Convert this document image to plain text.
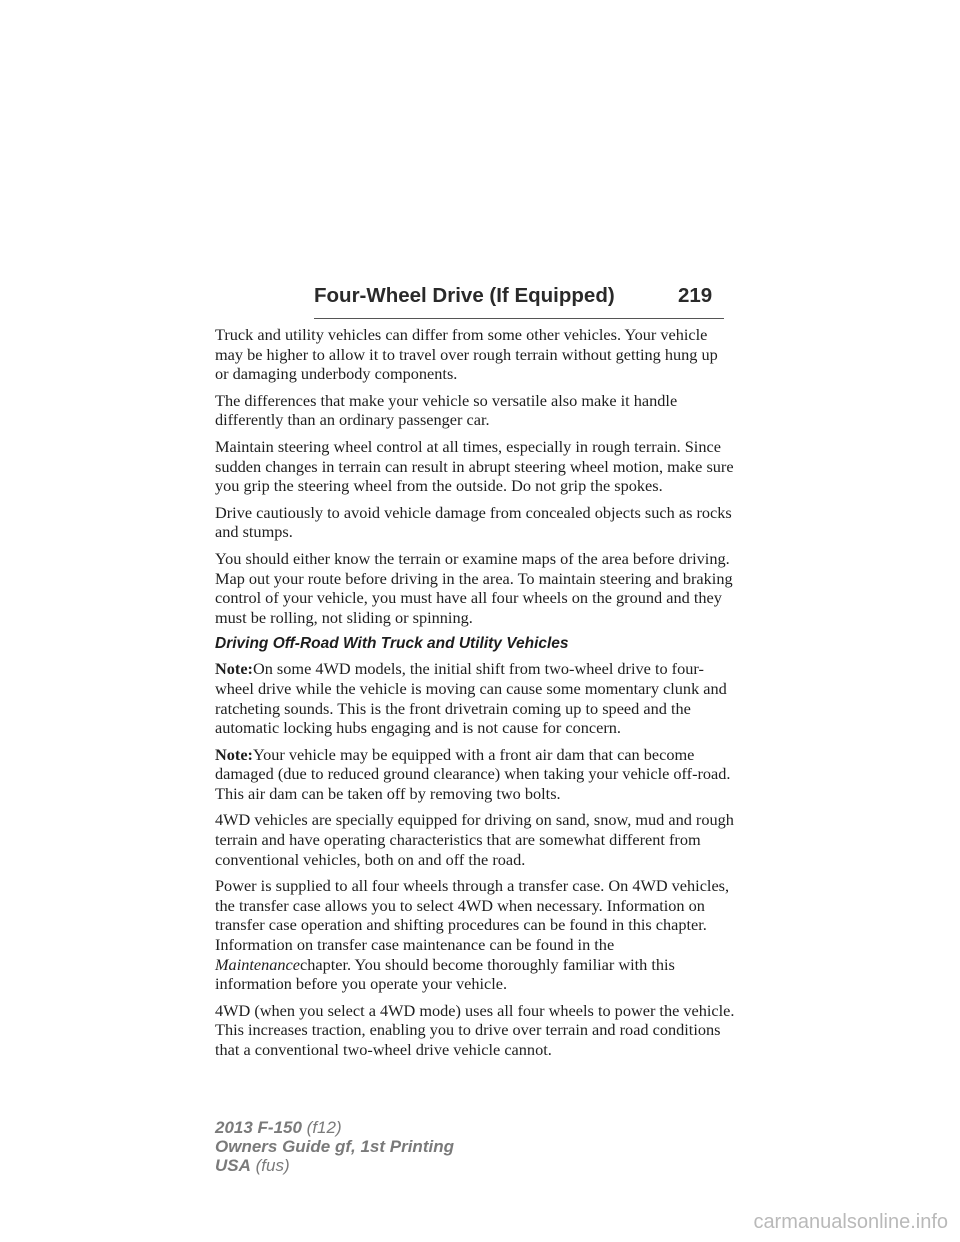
Four-Wheel Drive (If Equipped)	219

Truck and utility vehicles can differ from some other vehicles. Your vehicle may be higher to allow it to travel over rough terrain without getting hung up or damaging underbody components.

The differences that make your vehicle so versatile also make it handle differently than an ordinary passenger car.

Maintain steering wheel control at all times, especially in rough terrain. Since sudden changes in terrain can result in abrupt steering wheel motion, make sure you grip the steering wheel from the outside. Do not grip the spokes.

Drive cautiously to avoid vehicle damage from concealed objects such as rocks and stumps.

You should either know the terrain or examine maps of the area before driving. Map out your route before driving in the area. To maintain steering and braking control of your vehicle, you must have all four wheels on the ground and they must be rolling, not sliding or spinning.

Driving Off-Road With Truck and Utility Vehicles

Note:On some 4WD models, the initial shift from two-wheel drive to four-wheel drive while the vehicle is moving can cause some momentary clunk and ratcheting sounds. This is the front drivetrain coming up to speed and the automatic locking hubs engaging and is not cause for concern.

Note:Your vehicle may be equipped with a front air dam that can become damaged (due to reduced ground clearance) when taking your vehicle off-road. This air dam can be taken off by removing two bolts.

4WD vehicles are specially equipped for driving on sand, snow, mud and rough terrain and have operating characteristics that are somewhat different from conventional vehicles, both on and off the road.

Power is supplied to all four wheels through a transfer case. On 4WD vehicles, the transfer case allows you to select 4WD when necessary. Information on transfer case operation and shifting procedures can be found in this chapter. Information on transfer case maintenance can be found in the Maintenancechapter. You should become thoroughly familiar with this information before you operate your vehicle.

4WD (when you select a 4WD mode) uses all four wheels to power the vehicle. This increases traction, enabling you to drive over terrain and road conditions that a conventional two-wheel drive vehicle cannot.

2013 F-150 (f12)
Owners Guide gf, 1st Printing
USA (fus)
carmanualsonline.info
